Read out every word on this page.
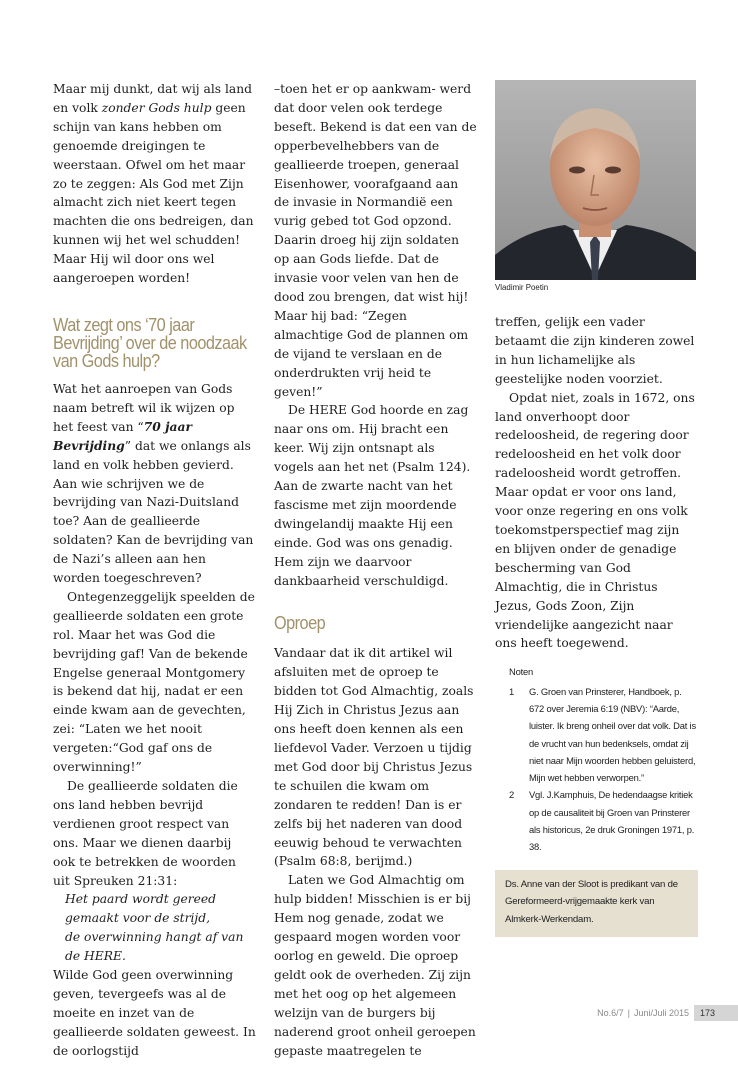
Maar mij dunkt, dat wij als land en volk zonder Gods hulp geen schijn van kans hebben om genoemde dreigingen te weerstaan. Ofwel om het maar zo te zeggen: Als God met Zijn almacht zich niet keert tegen machten die ons bedreigen, dan kunnen wij het wel schudden! Maar Hij wil door ons wel aangeroepen worden!

Wat zegt ons ‘70 jaar Bevrijding’ over de noodzaak van Gods hulp?

Wat het aanroepen van Gods naam betreft wil ik wijzen op het feest van “70 jaar Bevrijding” dat we onlangs als land en volk hebben gevierd. Aan wie schrijven we de bevrijding van Nazi-Duitsland toe? Aan de geallieerde soldaten? Kan de bevrijding van de Nazi’s alleen aan hen worden toegeschreven?

Ontegenzeggelijk speelden de geallieerde soldaten een grote rol. Maar het was God die bevrijding gaf! Van de bekende Engelse generaal Montgomery is bekend dat hij, nadat er een einde kwam aan de gevechten, zei: “Laten we het nooit vergeten:“God gaf ons de overwinning!”

De geallieerde soldaten die ons land hebben bevrijd verdienen groot respect van ons. Maar we dienen daarbij ook te betrekken de woorden uit Spreuken 21:31:

Het paard wordt gereed gemaakt voor de strijd,

de overwinning hangt af van de HERE.

Wilde God geen overwinning geven, tevergeefs was al de moeite en inzet van de geallieerde soldaten geweest. In de oorlogstijd

–toen het er op aankwam- werd dat door velen ook terdege beseft. Bekend is dat een van de opperbevelhebbers van de geallieerde troepen, generaal Eisenhower, voorafgaand aan de invasie in Normandië een vurig gebed tot God opzond. Daarin droeg hij zijn soldaten op aan Gods liefde. Dat de invasie voor velen van hen de dood zou brengen, dat wist hij! Maar hij bad: “Zegen almachtige God de plannen om de vijand te verslaan en de onderdrukten vrij heid te geven!”

De HERE God hoorde en zag naar ons om. Hij bracht een keer. Wij zijn ontsnapt als vogels aan het net (Psalm 124). Aan de zwarte nacht van het fascisme met zijn moordende dwingelandij maakte Hij een einde. God was ons genadig. Hem zijn we daarvoor dankbaarheid verschuldigd.

Oproep

Vandaar dat ik dit artikel wil afsluiten met de oproep te bidden tot God Almachtig, zoals Hij Zich in Christus Jezus aan ons heeft doen kennen als een liefdevol Vader. Verzoen u tijdig met God door bij Christus Jezus te schuilen die kwam om zondaren te redden! Dan is er zelfs bij het naderen van dood eeuwig behoud te verwachten (Psalm 68:8, berijmd.)

Laten we God Almachtig om hulp bidden! Misschien is er bij Hem nog genade, zodat we gespaard mogen worden voor oorlog en geweld. Die oproep geldt ook de overheden. Zij zijn met het oog op het algemeen welzijn van de burgers bij naderend groot onheil geroepen gepaste maatregelen te

Vladimir Poetin

treffen, gelijk een vader betaamt die zijn kinderen zowel in hun lichamelijke als geestelijke noden voorziet.

Opdat niet, zoals in 1672, ons land onverhoopt door redeloosheid, de regering door redeloosheid en het volk door radeloosheid wordt getroffen. Maar opdat er voor ons land, voor onze regering en ons volk toekomstperspectief mag zijn en blijven onder de genadige bescherming van God Almachtig, die in Christus Jezus, Gods Zoon, Zijn vriendelijke aangezicht naar ons heeft toegewend.

Noten
1	G. Groen van Prinsterer, Handboek, p. 672 over Jeremia 6:19 (NBV): “Aarde, luister. Ik breng onheil over dat volk. Dat is de vrucht van hun bedenksels, omdat zij niet naar Mijn woorden hebben geluisterd, Mijn wet hebben verworpen.”
2	Vgl. J.Kamphuis, De hedendaagse kritiek op de causaliteit bij Groen van Prinsterer als historicus, 2e druk Groningen 1971, p. 38.
Ds. Anne van der Sloot is predikant van de Gereformeerd-vrijgemaakte kerk van Almkerk-Werkendam.
No.6/7 | Juni/Juli 2015	173
